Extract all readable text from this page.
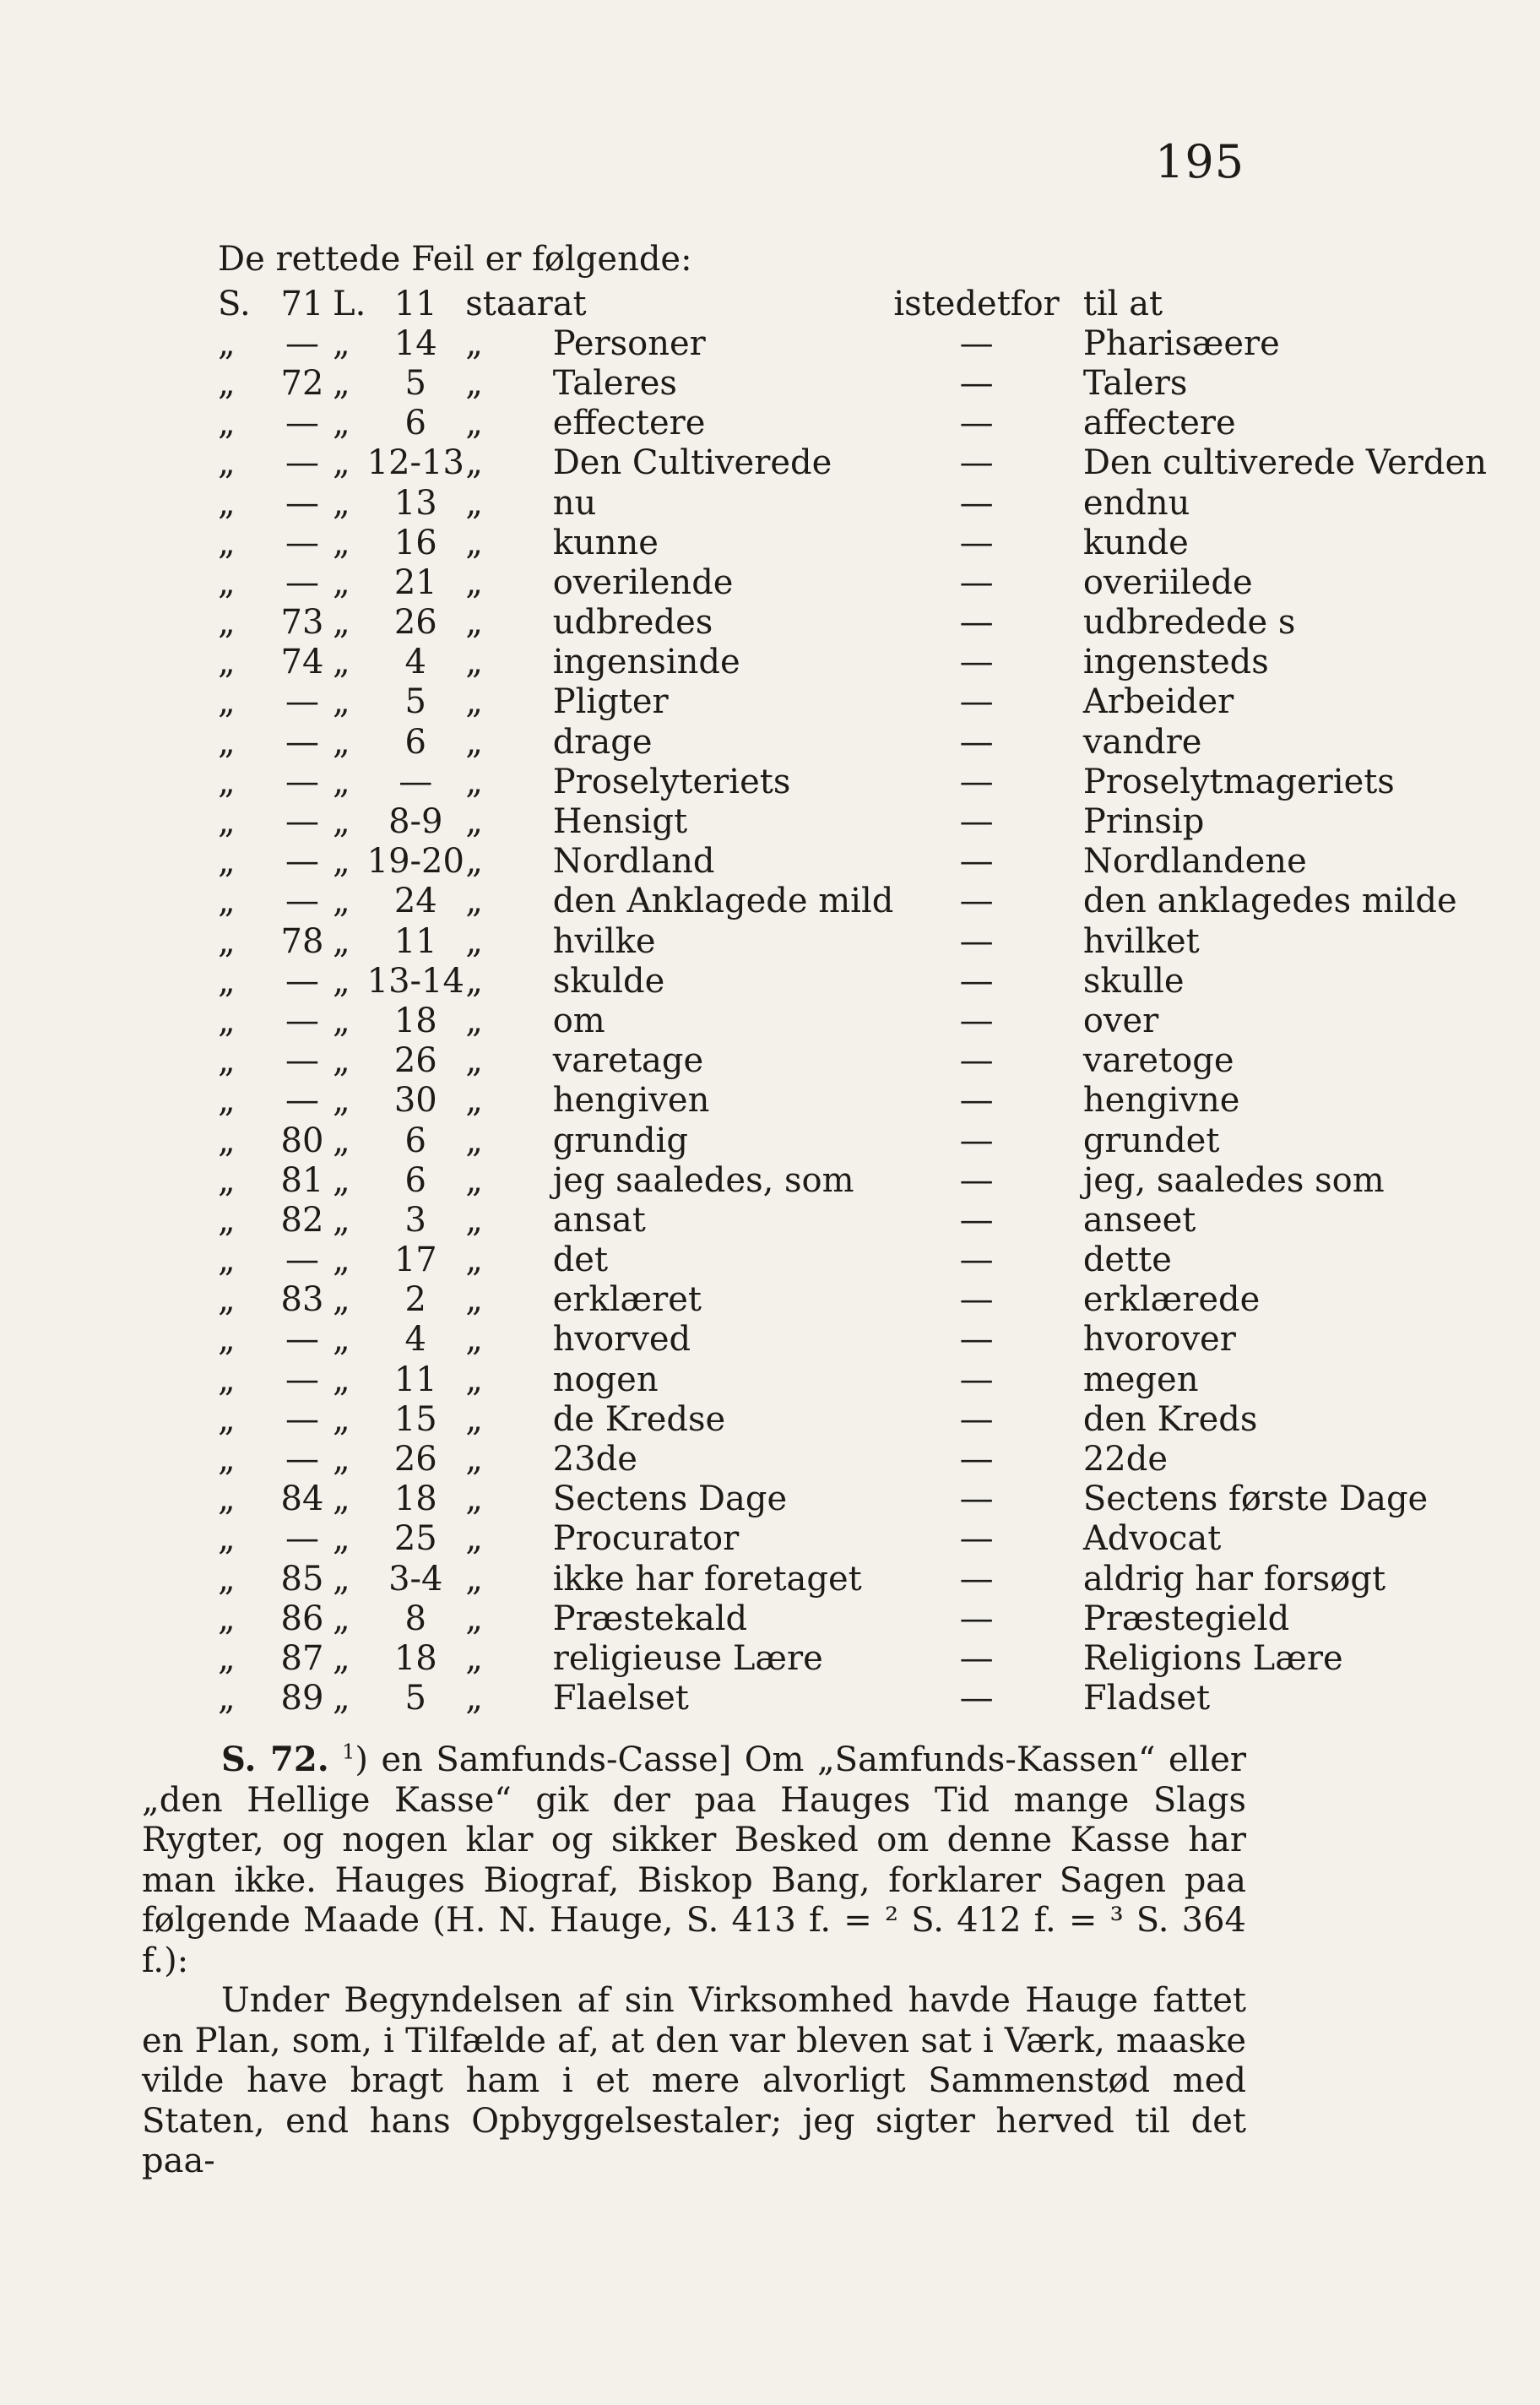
195
De rettede Feil er følgende:
S.	71	L.	11	staar	at	istedetfor	til at
„	—	„	14	„	Personer	—	Pharisæere
„	72	„	5	„	Taleres	—	Talers
„	—	„	6	„	effectere	—	affectere
„	—	„	12-13	„	Den Cultiverede	—	Den cultiverede Verden
„	—	„	13	„	nu	—	endnu
„	—	„	16	„	kunne	—	kunde
„	—	„	21	„	overilende	—	overiilede
„	73	„	26	„	udbredes	—	udbredede s
„	74	„	4	„	ingensinde	—	ingensteds
„	—	„	5	„	Pligter	—	Arbeider
„	—	„	6	„	drage	—	vandre
„	—	„	—	„	Proselyteriets	—	Proselytmageriets
„	—	„	8-9	„	Hensigt	—	Prinsip
„	—	„	19-20	„	Nordland	—	Nordlandene
„	—	„	24	„	den Anklagede mild	—	den anklagedes milde
„	78	„	11	„	hvilke	—	hvilket
„	—	„	13-14	„	skulde	—	skulle
„	—	„	18	„	om	—	over
„	—	„	26	„	varetage	—	varetoge
„	—	„	30	„	hengiven	—	hengivne
„	80	„	6	„	grundig	—	grundet
„	81	„	6	„	jeg saaledes, som	—	jeg, saaledes som
„	82	„	3	„	ansat	—	anseet
„	—	„	17	„	det	—	dette
„	83	„	2	„	erklæret	—	erklærede
„	—	„	4	„	hvorved	—	hvorover
„	—	„	11	„	nogen	—	megen
„	—	„	15	„	de Kredse	—	den Kreds
„	—	„	26	„	23de	—	22de
„	84	„	18	„	Sectens Dage	—	Sectens første Dage
„	—	„	25	„	Procurator	—	Advocat
„	85	„	3-4	„	ikke har foretaget	—	aldrig har forsøgt
„	86	„	8	„	Præstekald	—	Præstegield
„	87	„	18	„	religieuse Lære	—	Religions Lære
„	89	„	5	„	Flaelset	—	Fladset

S. 72. $^1$) en Samfunds-Casse] Om „Samfunds-Kassen“ eller „den Hellige Kasse“ gik der paa Hauges Tid mange Slags Rygter, og nogen klar og sikker Besked om denne Kasse har man ikke. Hauges Biograf, Biskop Bang, forklarer Sagen paa følgende Maade (H. N. Hauge, S. 413 f. = ² S. 412 f. = ³ S. 364 f.):

Under Begyndelsen af sin Virksomhed havde Hauge fattet en Plan, som, i Tilfælde af, at den var bleven sat i Værk, maaske vilde have bragt ham i et mere alvorligt Sammenstød med Staten, end hans Opbyggelsestaler; jeg sigter herved til det paa-
